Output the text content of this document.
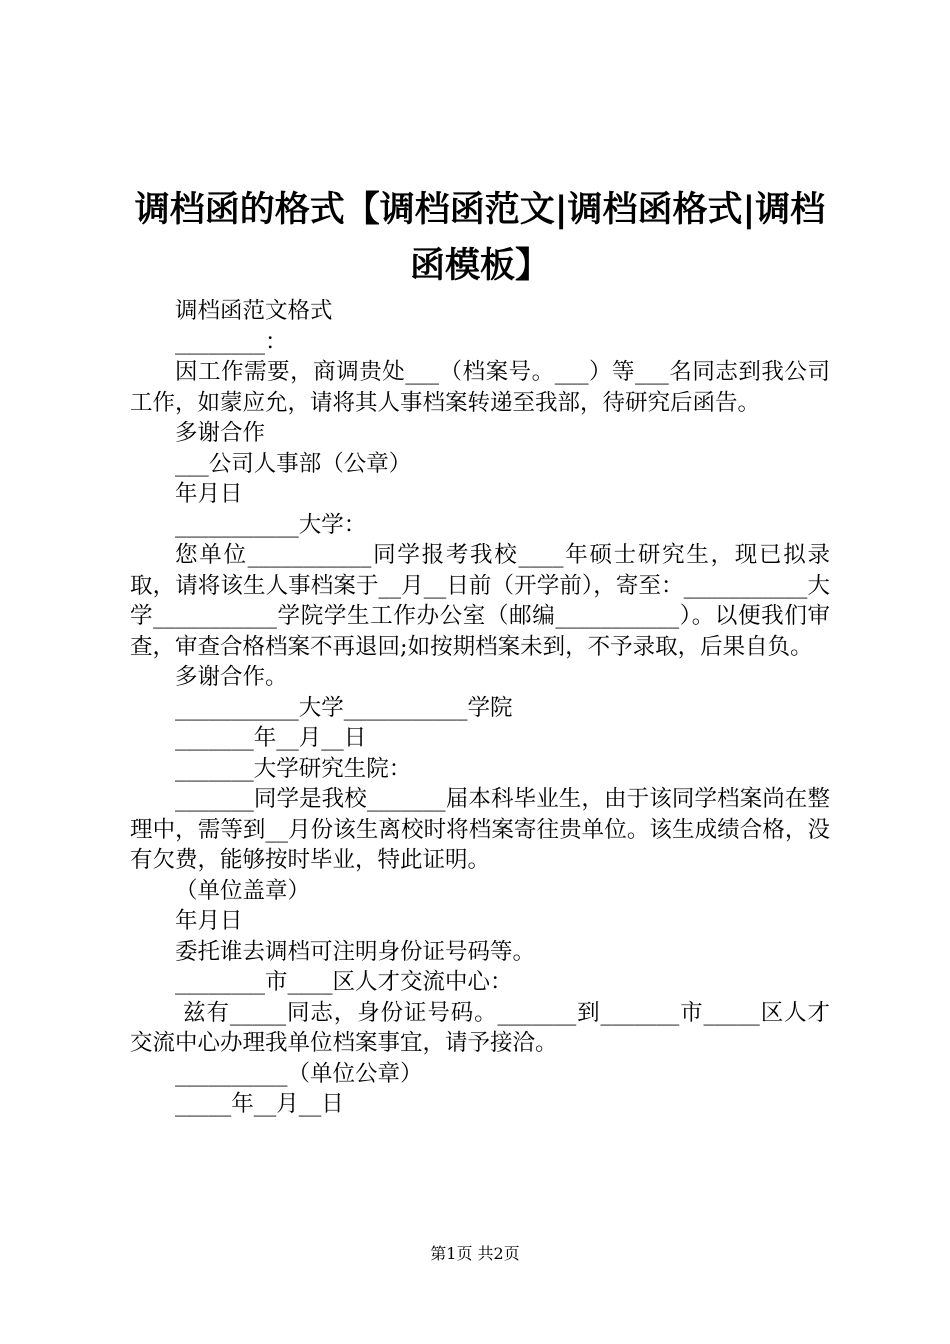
调档函的格式【调档函范文|调档函格式|调档函模板】

调档函范文格式

________：

因工作需要，商调贵处___（档案号。___）等___名同志到我公司工作，如蒙应允，请将其人事档案转递至我部，待研究后函告。

多谢合作

___公司人事部（公章）

年月日

___________大学：

您单位___________同学报考我校____年硕士研究生，现已拟录取，请将该生人事档案于__月__日前（开学前），寄至：___________大学___________学院学生工作办公室（邮编___________）。以便我们审查，审查合格档案不再退回;如按期档案未到，不予录取，后果自负。

多谢合作。

___________大学___________学院

_______年__月__日

_______大学研究生院：

_______同学是我校_______届本科毕业生，由于该同学档案尚在整理中，需等到__月份该生离校时将档案寄往贵单位。该生成绩合格，没有欠费，能够按时毕业，特此证明。

（单位盖章）

年月日

委托谁去调档可注明身份证号码等。

________市____区人才交流中心：

兹有_____同志，身份证号码。_______到_______市_____区人才交流中心办理我单位档案事宜，请予接洽。

__________（单位公章）

_____年__月__日

第1页 共2页
